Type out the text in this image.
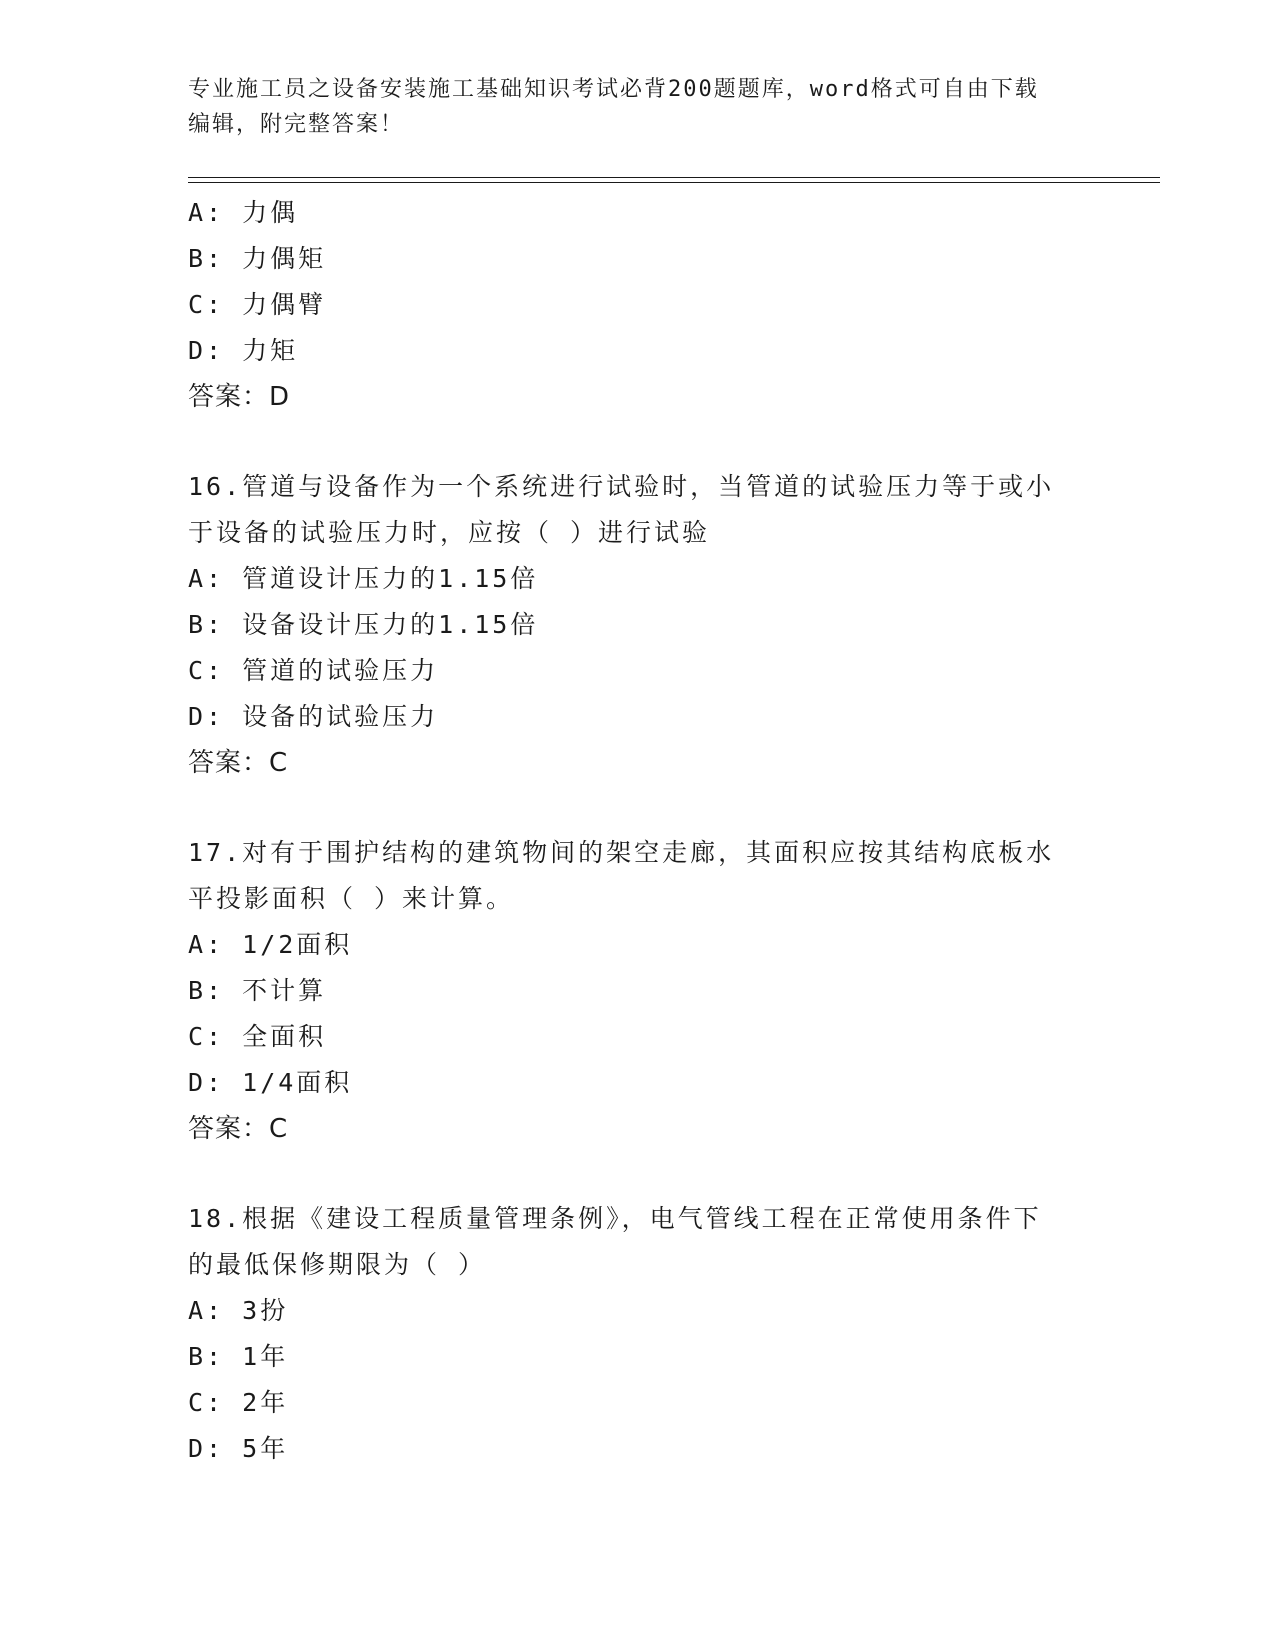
专业施工员之设备安装施工基础知识考试必背200题题库，word格式可自由下载
编辑，附完整答案！
A: 力偶
B: 力偶矩
C: 力偶臂
D: 力矩
答案：D
16.管道与设备作为一个系统进行试验时，当管道的试验压力等于或小
于设备的试验压力时，应按（ ）进行试验
A: 管道设计压力的1.15倍
B: 设备设计压力的1.15倍
C: 管道的试验压力
D: 设备的试验压力
答案：C
17.对有于围护结构的建筑物间的架空走廊，其面积应按其结构底板水
平投影面积（ ）来计算。
A: 1/2面积
B: 不计算
C: 全面积
D: 1/4面积
答案：C
18.根据《建设工程质量管理条例》，电气管线工程在正常使用条件下
的最低保修期限为（ ）
A: 3扮
B: 1年
C: 2年
D: 5年
